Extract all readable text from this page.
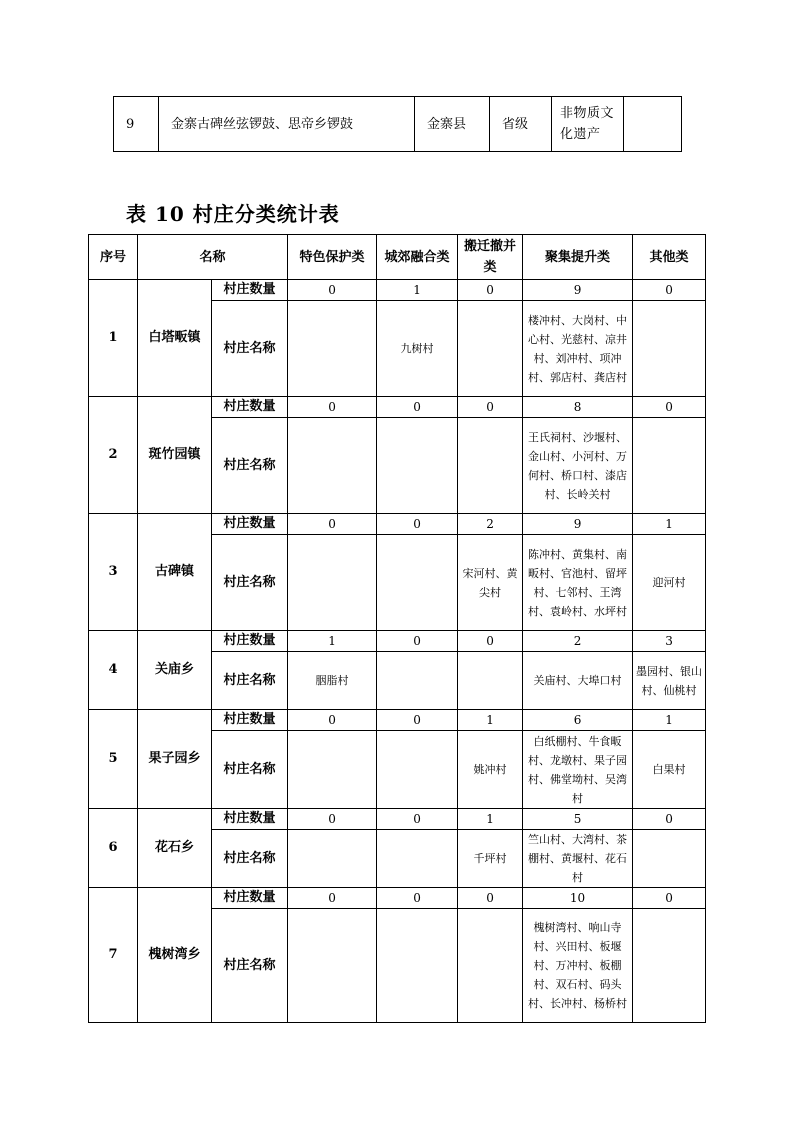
9	金寨古碑丝弦锣鼓、思帝乡锣鼓	金寨县	省级	非物质文化遗产	
表 10 村庄分类统计表
序号	名称		特色保护类	城郊融合类	搬迁撤并类	聚集提升类	其他类
1	白塔畈镇	村庄数量	0	1	0	9	0
		村庄名称		九树村		楼冲村、大岗村、中心村、光慈村、凉井村、刘冲村、项冲村、郭店村、龚店村	
2	斑竹园镇	村庄数量	0	0	0	8	0
		村庄名称				王氏祠村、沙堰村、金山村、小河村、万何村、桥口村、漆店村、长岭关村	
3	古碑镇	村庄数量	0	0	2	9	1
		村庄名称			宋河村、黄尖村	陈冲村、黄集村、南畈村、官池村、留坪村、七邻村、王湾村、袁岭村、水坪村	迎河村
4	关庙乡	村庄数量	1	0	0	2	3
		村庄名称	胭脂村			关庙村、大埠口村	墨园村、银山村、仙桃村
5	果子园乡	村庄数量	0	0	1	6	1
		村庄名称			姚冲村	白纸棚村、牛食畈村、龙墩村、果子园村、佛堂坳村、吴湾村	白果村
6	花石乡	村庄数量	0	0	1	5	0
		村庄名称			千坪村	竺山村、大湾村、茶棚村、黄堰村、花石村	
7	槐树湾乡	村庄数量	0	0	0	10	0
		村庄名称				槐树湾村、响山寺村、兴田村、板堰村、万冲村、板棚村、双石村、码头村、长冲村、杨桥村	
